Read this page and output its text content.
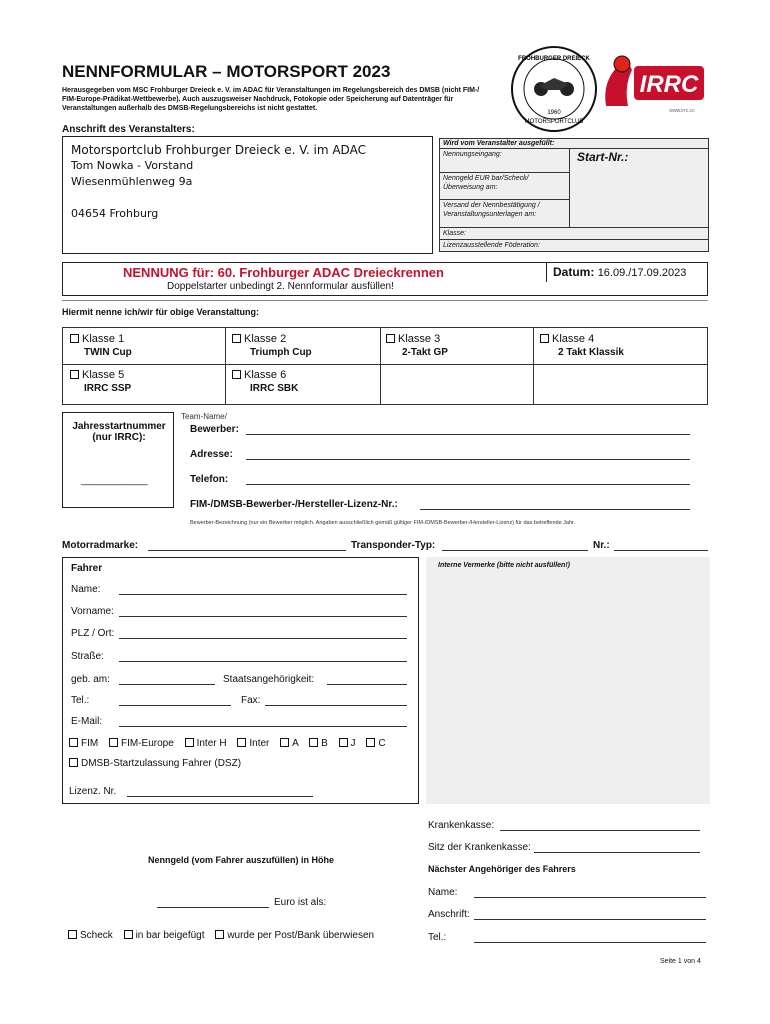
NENNFORMULAR – MOTORSPORT 2023
Herausgegeben vom MSC Frohburger Dreieck e. V. im ADAC für Veranstaltungen im Regelungsbereich des DMSB (nicht FIM-/ FIM-Europe-Prädikat-Wettbewerbe). Auch auszugsweiser Nachdruck, Fotokopie oder Speicherung auf Datenträger für Veranstaltungen außerhalb des DMSB-Regelungsbereichs ist nicht gestattet.
FROHBURGER DREIECK
MOTORSPORTCLUB
1960
IRRC
www.irrc.cc
Anschrift des Veranstalters:
Motorsportclub Frohburger Dreieck e. V. im ADAC
Tom Nowka - Vorstand
Wiesenmühlenweg 9a
04654 Frohburg
Wird vom Veranstalter ausgefüllt:
Nennungseingang:	Start-Nr.:
Nenngeld EUR bar/Scheck/Überweisung am:
Versand der Nennbestätigung / Veranstaltungsunterlagen am:
Klasse:
Lizenzausstellende Föderation:
NENNUNG für: 60. Frohburger ADAC Dreieckrennen
Doppelstarter unbedingt 2. Nennformular ausfüllen!
Datum: 16.09./17.09.2023
Hiermit nenne ich/wir für obige Veranstaltung:
Klasse 1
TWIN Cup
Klasse 2
Triumph Cup
Klasse 3
2-Takt GP
Klasse 4
2 Takt Klassik
Klasse 5
IRRC SSP
Klasse 6
IRRC SBK
Jahresstartnummer (nur IRRC):
____________
Team-Name/
Bewerber:
Adresse:
Telefon:
FIM-/DMSB-Bewerber-/Hersteller-Lizenz-Nr.:
Bewerber-Bezeichnung (nur ein Bewerber möglich. Angaben ausschließlich gemäß gültiger FIM-/DMSB-Bewerber-/Hersteller-Lizenz) für das betreffende Jahr.
Motorradmarke:	Transponder-Typ:	Nr.:
Fahrer
Name:
Vorname:
PLZ / Ort:
Straße:
geb. am:	Staatsangehörigkeit:
Tel.:	Fax:
E-Mail:
FIM FIM-Europe Inter H Inter A B J C
DMSB-Startzulassung Fahrer (DSZ)
Lizenz. Nr.
Interne Vermerke (bitte nicht ausfüllen!)
Nenngeld (vom Fahrer auszufüllen) in Höhe
Euro ist als:
Scheck in bar beigefügt wurde per Post/Bank überwiesen
Krankenkasse:
Sitz der Krankenkasse:
Nächster Angehöriger des Fahrers
Name:
Anschrift:
Tel.:
Seite 1 von 4
